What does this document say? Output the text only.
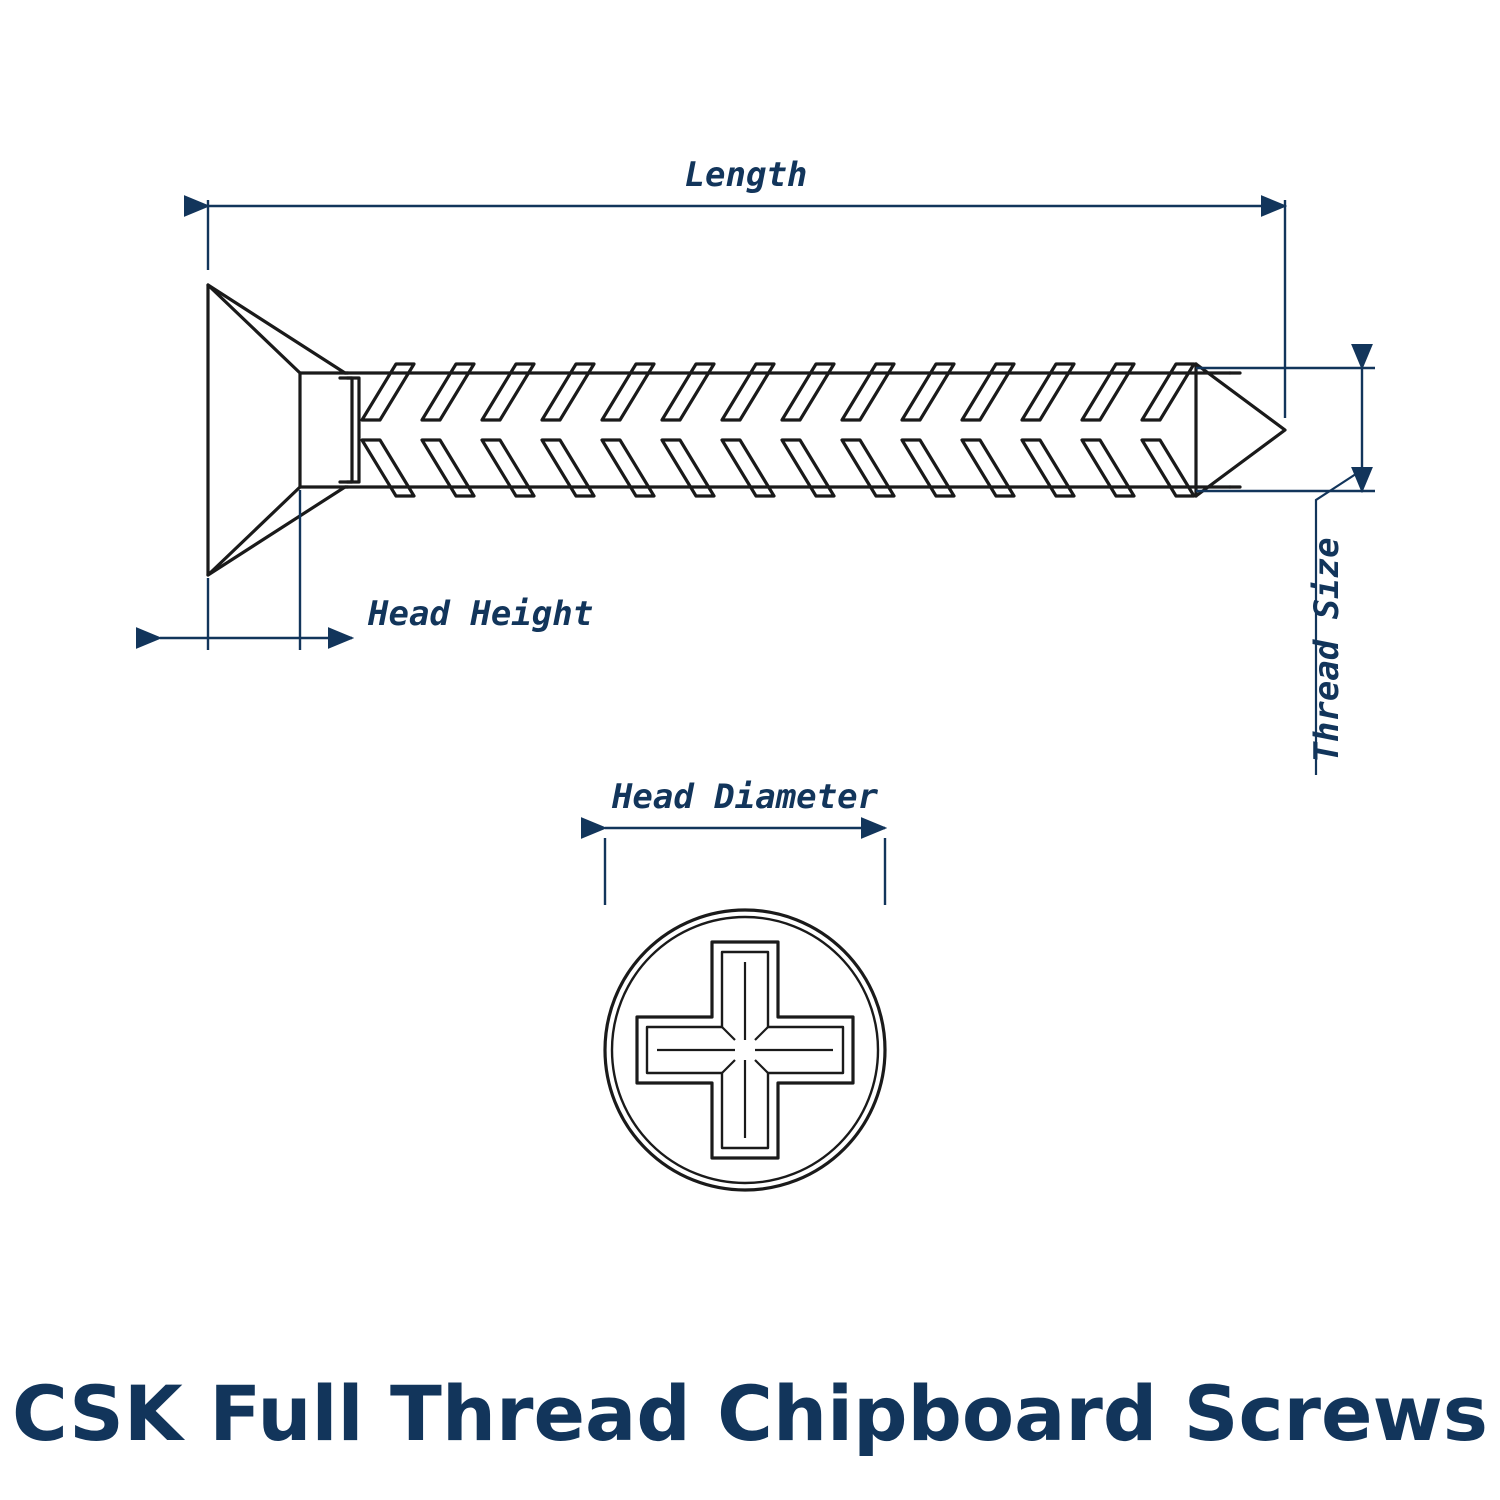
Length
Head Height	Thread Size
Head Diameter
CSK Full Thread Chipboard Screws
